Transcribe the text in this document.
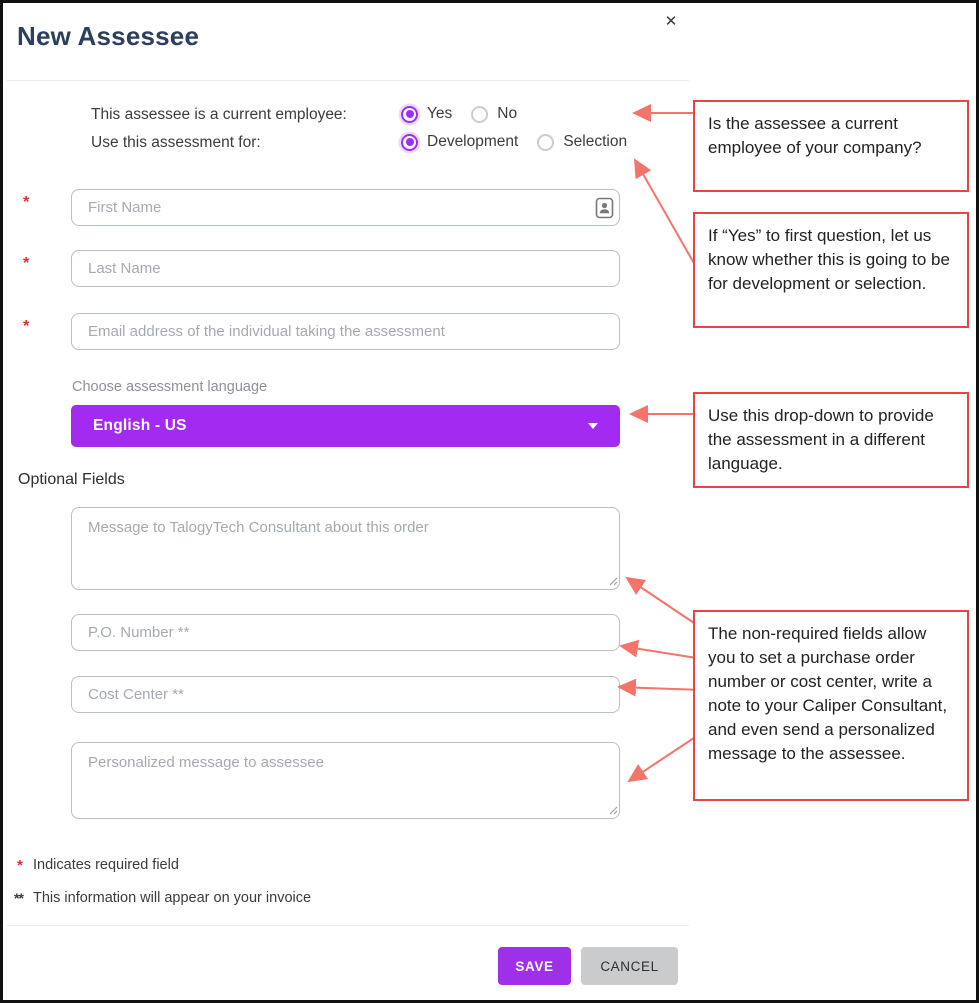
New Assessee	✕
This assessee is a current employee:	Yes	No
Use this assessment for:	Development	Selection
*
First Name
*
Last Name
*
Email address of the individual taking the assessment
Choose assessment language
English - US
Optional Fields
Message to TalogyTech Consultant about this order
P.O. Number **
Cost Center **
Personalized message to assessee
* Indicates required field
** This information will appear on your invoice
SAVE	CANCEL
Is the assessee a current employee of your company?
If “Yes” to first question, let us know whether this is going to be for development or selection.
Use this drop-down to provide the assessment in a different language.
The non-required fields allow you to set a purchase order number or cost center, write a note to your Caliper Consultant, and even send a personalized message to the assessee.
